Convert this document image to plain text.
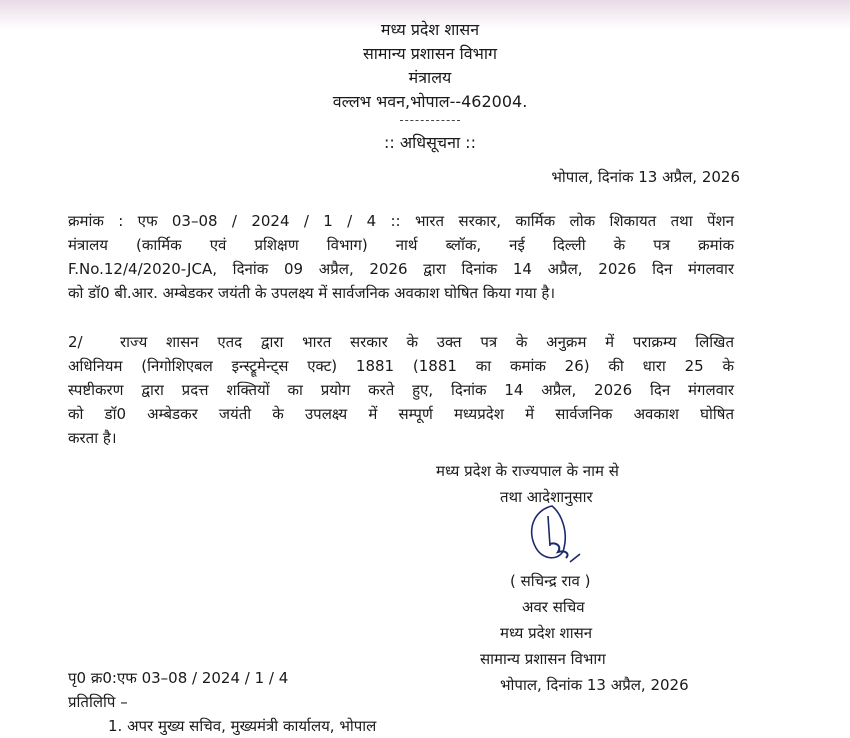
मध्य प्रदेश शासन
सामान्य प्रशासन विभाग
मंत्रालय
वल्लभ भवन,भोपाल--462004.
:: अधिसूचना ::
भोपाल, दिनांक 13 अप्रैल, 2026
क्रमांक : एफ 03–08 / 2024 / 1 / 4 :: भारत सरकार, कार्मिक लोक शिकायत तथा पेंशन
मंत्रालय (कार्मिक एवं प्रशिक्षण विभाग) नार्थ ब्लॉक, नई दिल्ली के पत्र क्रमांक
F.No.12/4/2020-JCA, दिनांक 09 अप्रैल, 2026 द्वारा दिनांक 14 अप्रैल, 2026 दिन मंगलवार
को डॉ0 बी.आर. अम्बेडकर जयंती के उपलक्ष्य में सार्वजनिक अवकाश घोषित किया गया है।
2/ राज्य शासन एतद द्वारा भारत सरकार के उक्त पत्र के अनुक्रम में पराक्रम्य लिखित
अधिनियम (निगोशिएबल इन्स्ट्रूमेन्ट्स एक्ट) 1881 (1881 का कमांक 26) की धारा 25 के
स्पष्टीकरण द्वारा प्रदत्त शक्तियों का प्रयोग करते हुए, दिनांक 14 अप्रैल, 2026 दिन मंगलवार
को डॉ0 अम्बेडकर जयंती के उपलक्ष्य में सम्पूर्ण मध्यप्रदेश में सार्वजनिक अवकाश घोषित
करता है।
मध्य प्रदेश के राज्यपाल के नाम से
तथा आदेशानुसार
( सचिन्द्र राव )
अवर सचिव
मध्य प्रदेश शासन
सामान्य प्रशासन विभाग
भोपाल, दिनांक 13 अप्रैल, 2026
पृ0 क्र0:एफ 03–08 / 2024 / 1 / 4
प्रतिलिपि –
1. अपर मुख्य सचिव, मुख्यमंत्री कार्यालय, भोपाल
